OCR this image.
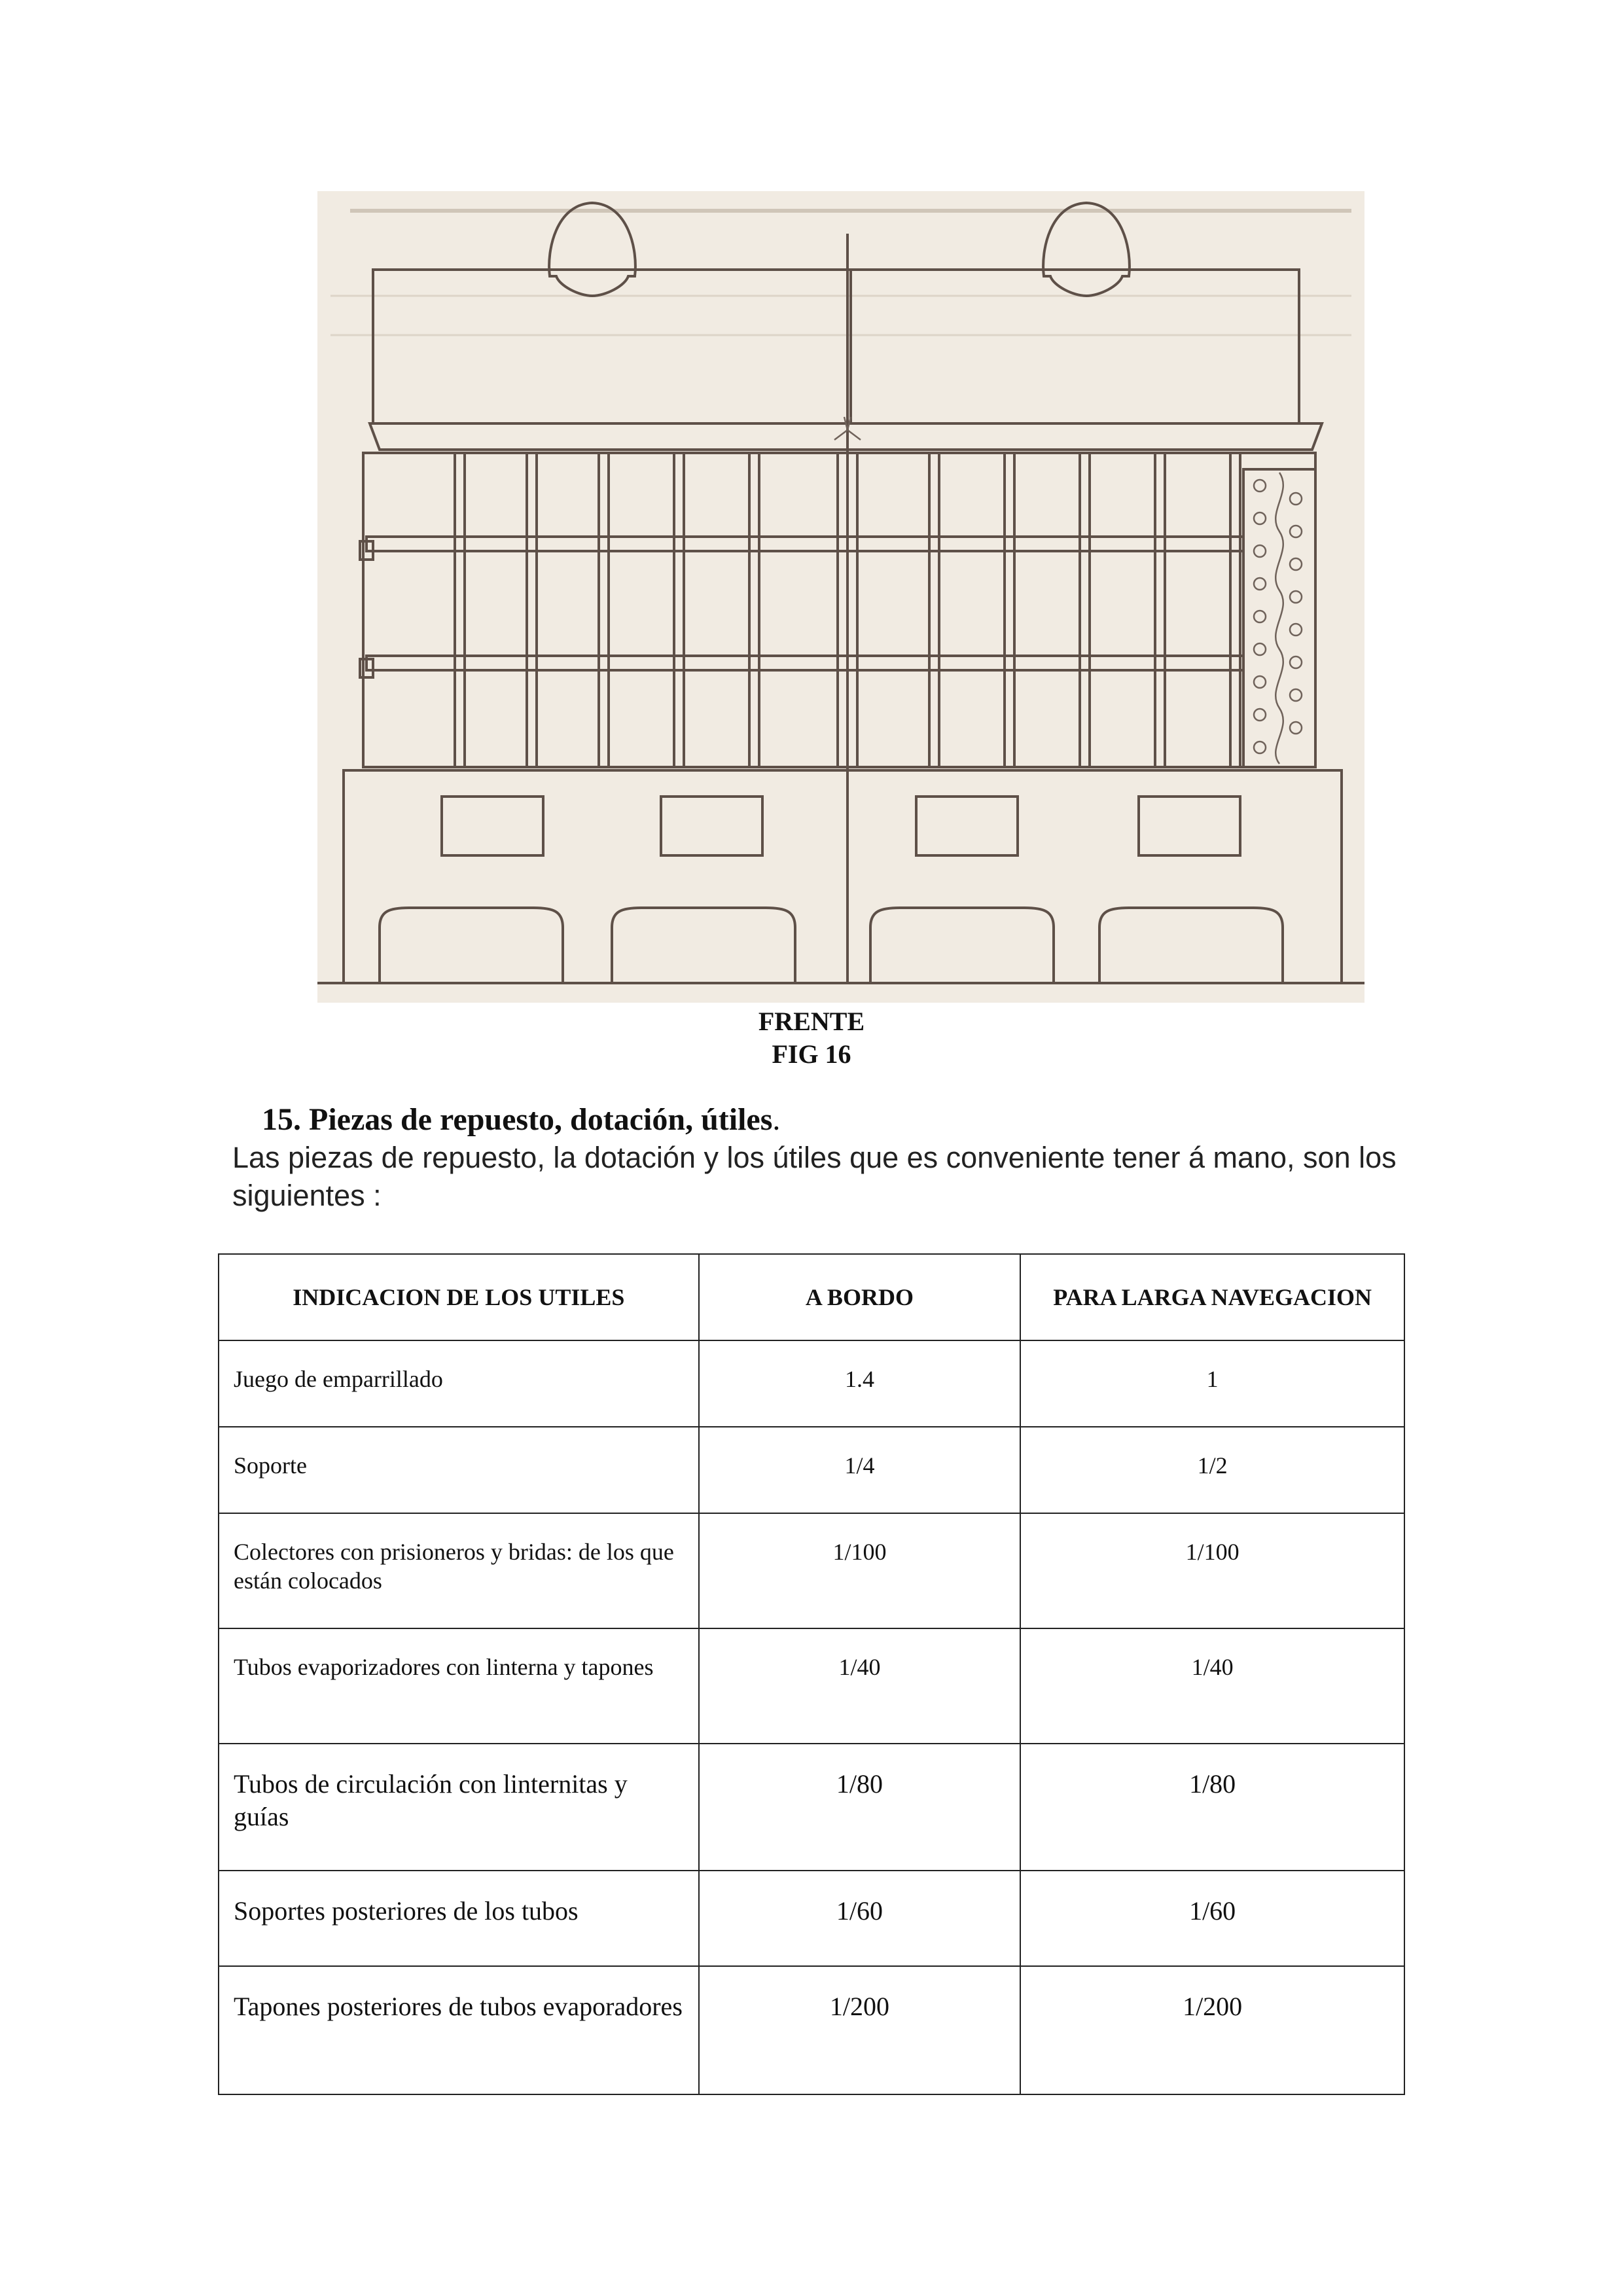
FRENTE
FIG 16
15. Piezas de repuesto, dotación, útiles.
Las piezas de repuesto, la dotación y los útiles que es conveniente tener á mano, son los siguientes :
INDICACION DE LOS UTILES	A BORDO	PARA LARGA NAVEGACION
Juego de emparrillado	1.4	1
Soporte	1/4	1/2
Colectores con prisioneros y bridas: de los que están colocados	1/100	1/100
Tubos evaporizadores con linterna y tapones	1/40	1/40
Tubos de circulación con linternitas y guías	1/80	1/80
Soportes posteriores de los tubos	1/60	1/60
Tapones posteriores de tubos evaporadores	1/200	1/200
